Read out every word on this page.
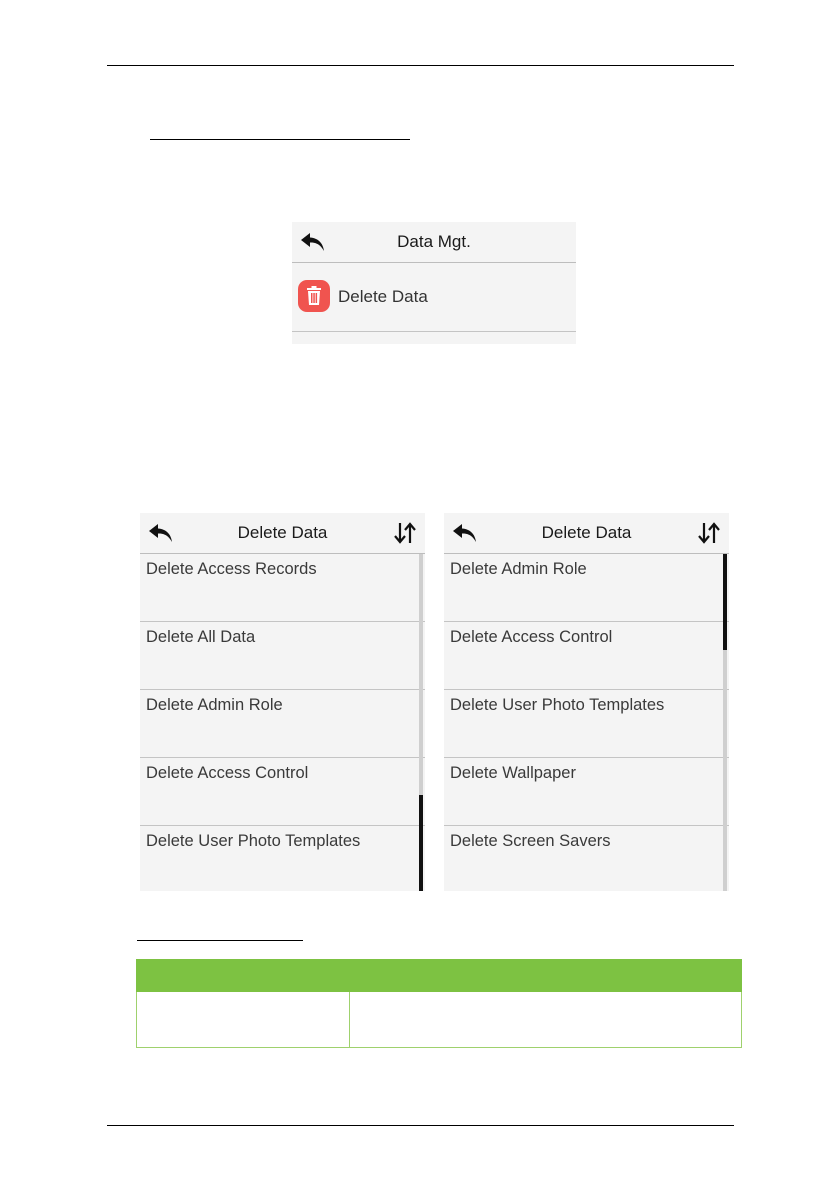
Data Mgt.
Delete Data
Delete Data
Delete Access Records
Delete All Data
Delete Admin Role
Delete Access Control
Delete User Photo Templates
Delete Data
Delete Admin Role
Delete Access Control
Delete User Photo Templates
Delete Wallpaper
Delete Screen Savers
